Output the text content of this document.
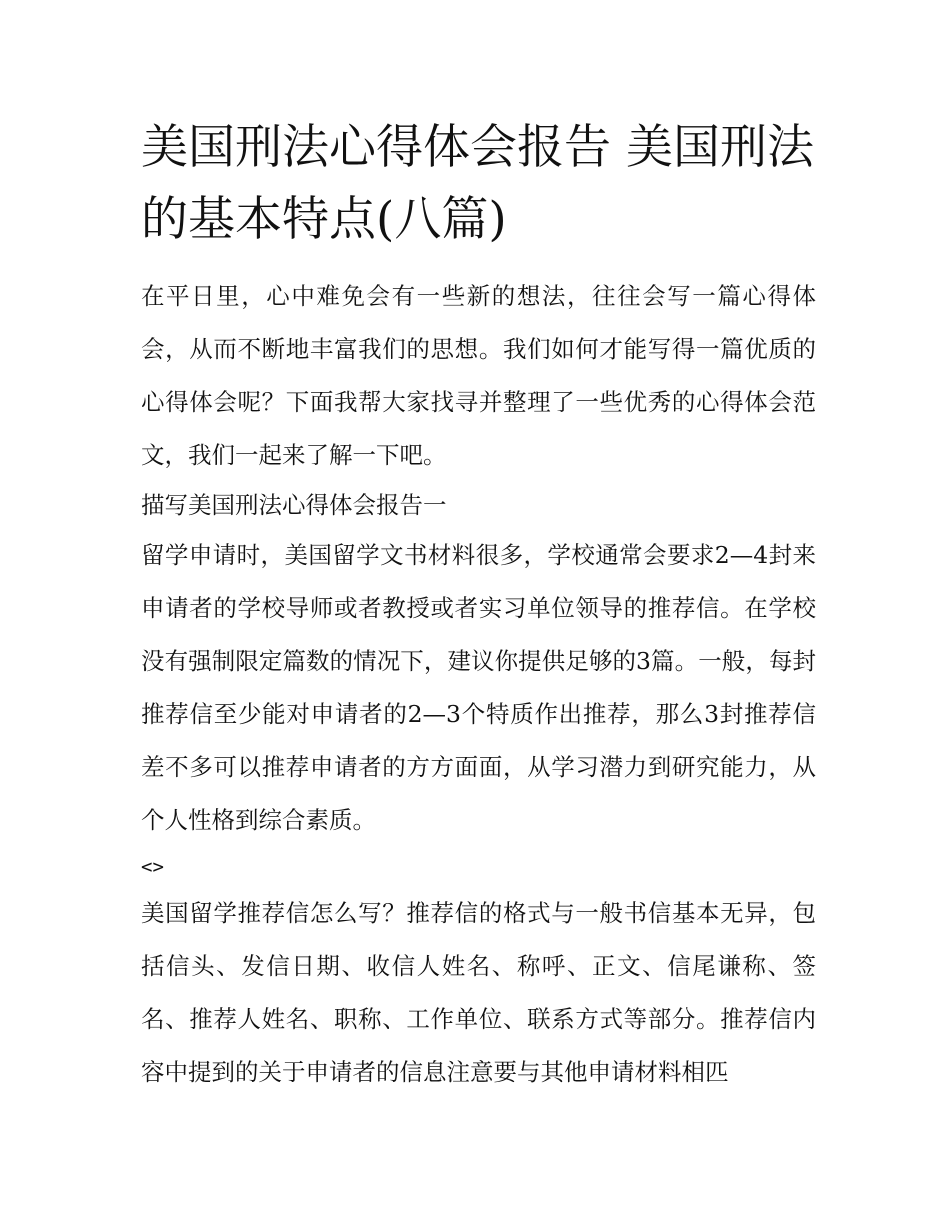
美国刑法心得体会报告 美国刑法的基本特点(八篇)

在平日里，心中难免会有一些新的想法，往往会写一篇心得体会，从而不断地丰富我们的思想。我们如何才能写得一篇优质的心得体会呢？下面我帮大家找寻并整理了一些优秀的心得体会范文，我们一起来了解一下吧。

描写美国刑法心得体会报告一

留学申请时，美国留学文书材料很多，学校通常会要求2—4封来申请者的学校导师或者教授或者实习单位领导的推荐信。在学校没有强制限定篇数的情况下，建议你提供足够的3篇。一般，每封推荐信至少能对申请者的2—3个特质作出推荐，那么3封推荐信差不多可以推荐申请者的方方面面，从学习潜力到研究能力，从个人性格到综合素质。

<>

美国留学推荐信怎么写？推荐信的格式与一般书信基本无异，包括信头、发信日期、收信人姓名、称呼、正文、信尾谦称、签名、推荐人姓名、职称、工作单位、联系方式等部分。推荐信内容中提到的关于申请者的信息注意要与其他申请材料相匹
